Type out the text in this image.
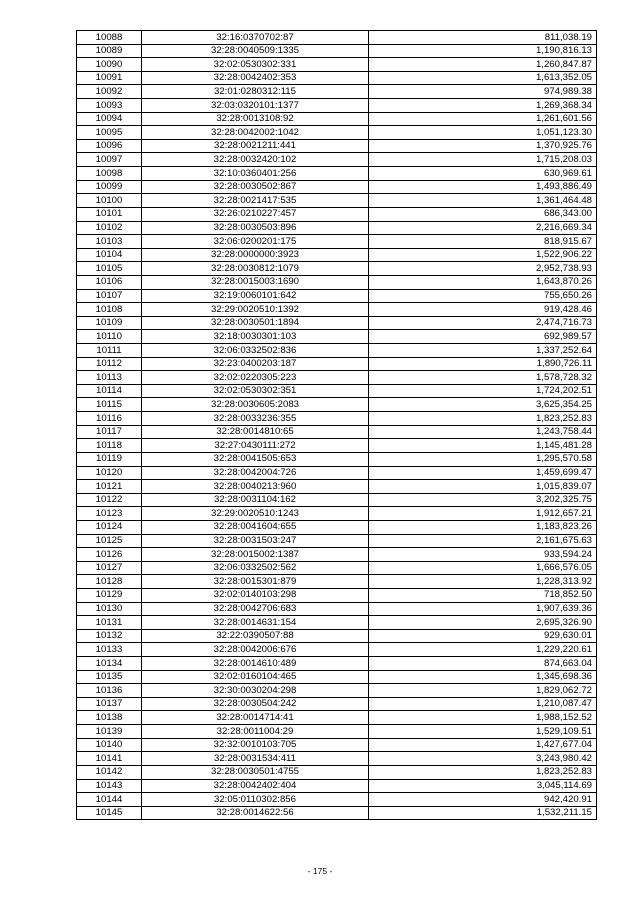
10088	32:16:0370702:87	811,038.19
10089	32:28:0040509:1335	1,190,816.13
10090	32:02:0530302:331	1,260,847.87
10091	32:28:0042402:353	1,613,352.05
10092	32:01:0280312:115	974,989.38
10093	32:03:0320101:1377	1,269,368.34
10094	32:28:0013108:92	1,261,601.56
10095	32:28:0042002:1042	1,051,123.30
10096	32:28:0021211:441	1,370,925.76
10097	32:28:0032420:102	1,715,208.03
10098	32:10:0360401:256	630,969.61
10099	32:28:0030502:867	1,493,886.49
10100	32:28:0021417:535	1,361,464.48
10101	32:26:0210227:457	686,343.00
10102	32:28:0030503:896	2,216,669.34
10103	32:06:0200201:175	818,915.67
10104	32:28:0000000:3923	1,522,906.22
10105	32:28:0030812:1079	2,952,738.93
10106	32:28:0015003:1690	1,643,870.26
10107	32:19:0060101:642	755,650.26
10108	32:29:0020510:1392	919,428.46
10109	32:28:0030501:1894	2,474,716.73
10110	32:18:0030301:103	692,989.57
10111	32:06:0332502:836	1,337,252.64
10112	32:23:0400203:187	1,890,726.11
10113	32:02:0220305:223	1,578,728.32
10114	32:02:0530302:351	1,724,202.51
10115	32:28:0030605:2083	3,625,354.25
10116	32:28:0033236:355	1,823,252.83
10117	32:28:0014810:65	1,243,758.44
10118	32:27:0430111:272	1,145,481.28
10119	32:28:0041505:653	1,295,570.58
10120	32:28:0042004:726	1,459,699.47
10121	32:28:0040213:960	1,015,839.07
10122	32:28:0031104:162	3,202,325.75
10123	32:29:0020510:1243	1,912,657.21
10124	32:28:0041604:655	1,183,823.26
10125	32:28:0031503:247	2,161,675.63
10126	32:28:0015002:1387	933,594.24
10127	32:06:0332502:562	1,666,576.05
10128	32:28:0015301:879	1,228,313.92
10129	32:02:0140103:298	718,852.50
10130	32:28:0042706:683	1,907,639.36
10131	32:28:0014631:154	2,695,326.90
10132	32:22:0390507:88	929,630.01
10133	32:28:0042006:676	1,229,220.61
10134	32:28:0014610:489	874,663.04
10135	32:02:0160104:465	1,345,698.36
10136	32:30:0030204:298	1,829,062.72
10137	32:28:0030504:242	1,210,087.47
10138	32:28:0014714:41	1,988,152.52
10139	32:28:0011004:29	1,529,109.51
10140	32:32:0010103:705	1,427,677.04
10141	32:28:0031534:411	3,243,980.42
10142	32:28:0030501:4755	1,823,252.83
10143	32:28:0042402:404	3,045,114.69
10144	32:05:0110302:856	942,420.91
10145	32:28:0014622:56	1,532,211.15
- 175 -
